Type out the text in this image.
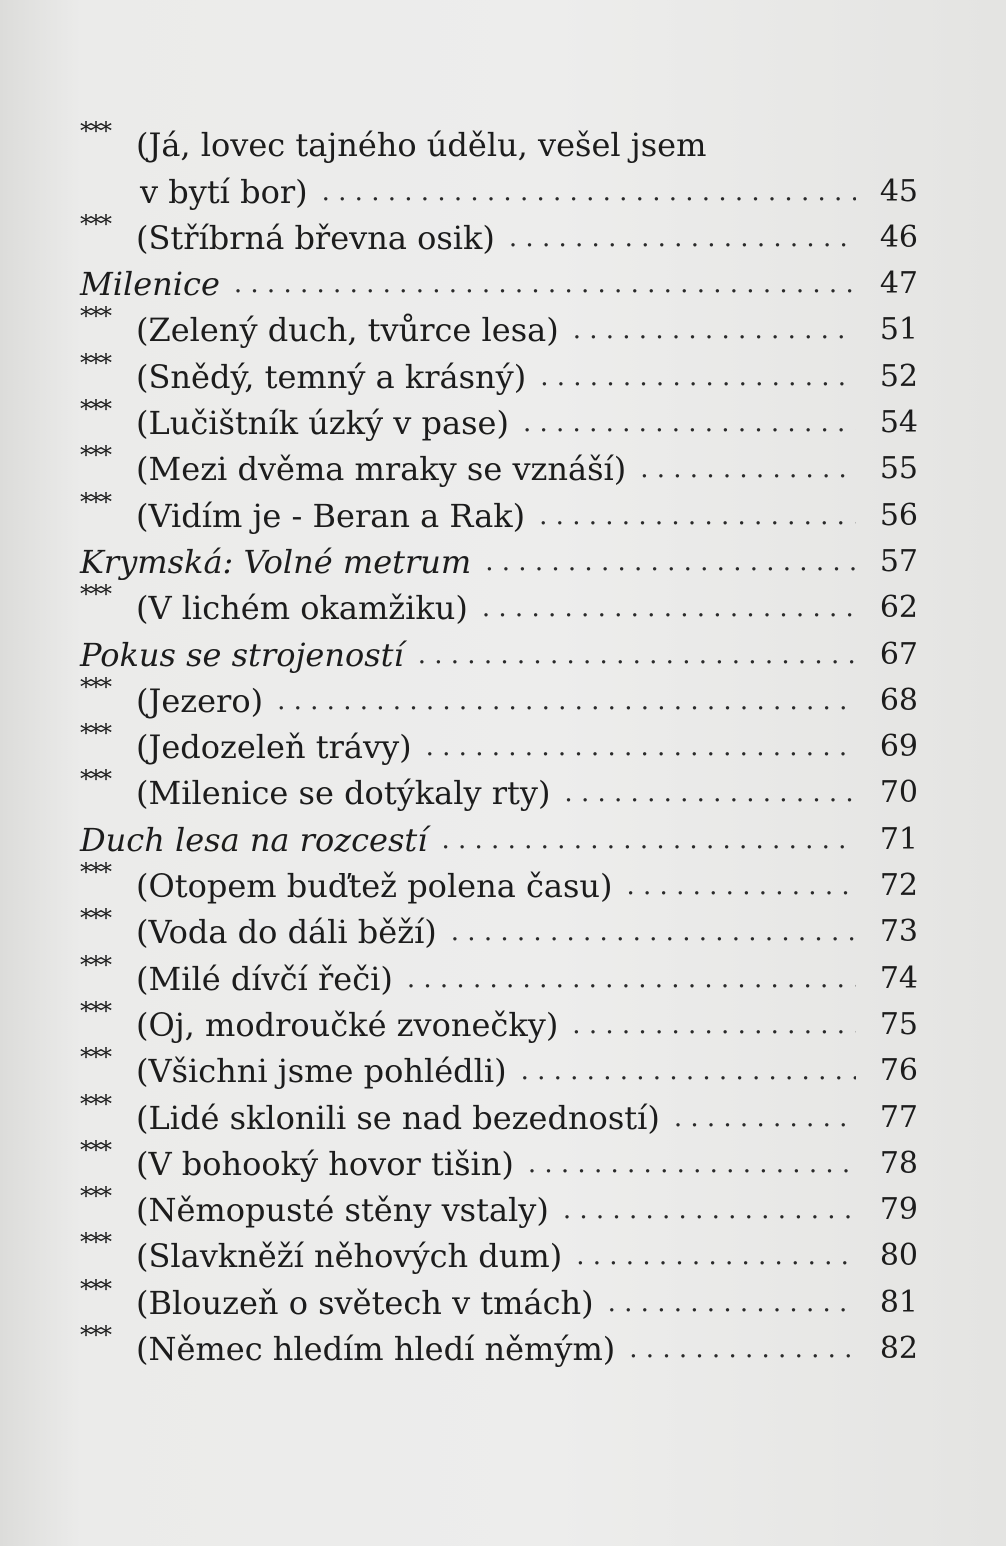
*** (Já, lovec tajného údělu, vešel jsem
v bytí bor) . . .	45
*** (Stříbrná břevna osik) . . .	46
Milenice . . .	47
*** (Zelený duch, tvůrce lesa) . . .	51
*** (Snědý, temný a krásný) . . .	52
*** (Lučištník úzký v pase) . . .	54
*** (Mezi dvěma mraky se vznáší) . . .	55
*** (Vidím je - Beran a Rak) . . .	56
Krymská: Volné metrum . . .	57
*** (V lichém okamžiku) . . .	62
Pokus se strojeností . . .	67
*** (Jezero) . . .	68
*** (Jedozeleň trávy) . . .	69
*** (Milenice se dotýkaly rty) . . .	70
Duch lesa na rozcestí . . .	71
*** (Otopem buďtež polena času) . . .	72
*** (Voda do dáli běží) . . .	73
*** (Milé dívčí řeči) . . .	74
*** (Oj, modroučké zvonečky) . . .	75
*** (Všichni jsme pohlédli) . . .	76
*** (Lidé sklonili se nad bezedností) . . .	77
*** (V bohooký hovor tišin) . . .	78
*** (Němopusté stěny vstaly) . . .	79
*** (Slavkněží něhových dum) . . .	80
*** (Blouzeň o světech v tmách) . . .	81
*** (Němec hledím hledí němým) . . .	82
